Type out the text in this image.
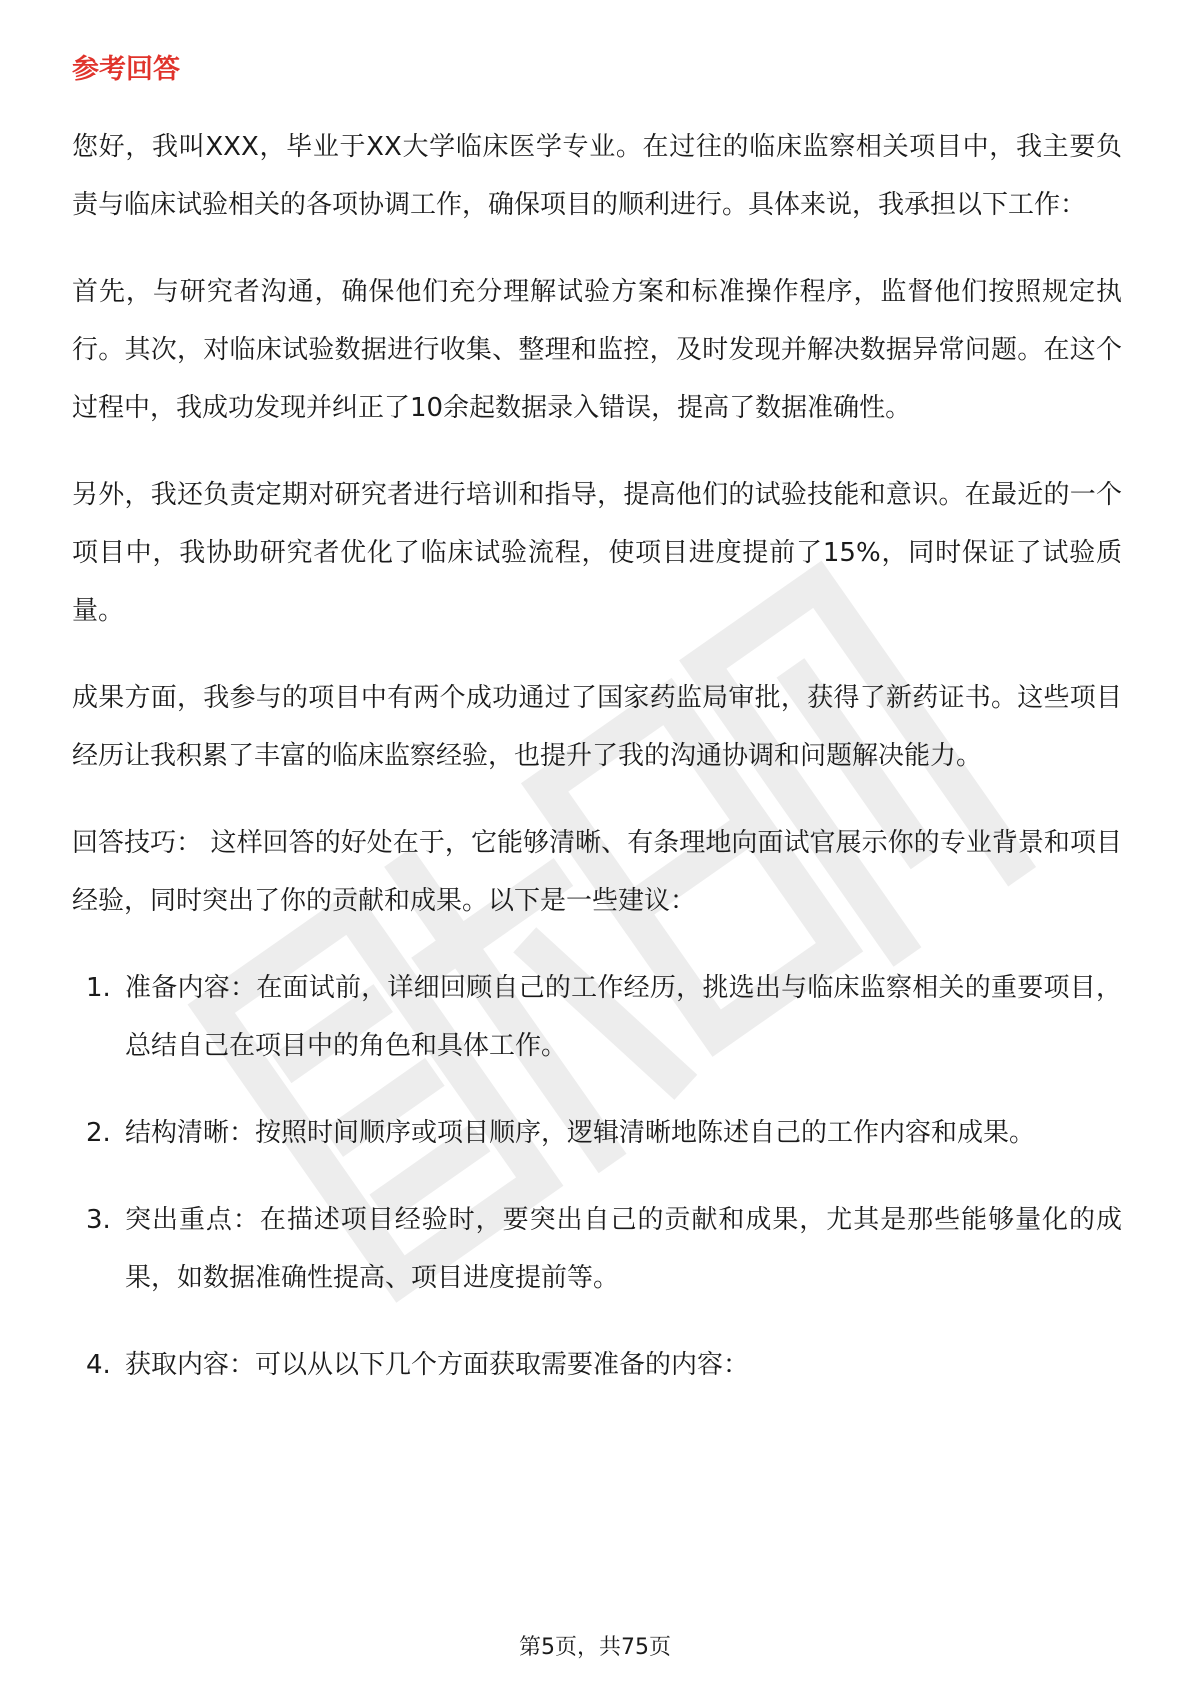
参考回答

您好，我叫XXX，毕业于XX大学临床医学专业。在过往的临床监察相关项目中，我主要负责与临床试验相关的各项协调工作，确保项目的顺利进行。具体来说，我承担以下工作：

首先，与研究者沟通，确保他们充分理解试验方案和标准操作程序，监督他们按照规定执行。其次，对临床试验数据进行收集、整理和监控，及时发现并解决数据异常问题。在这个过程中，我成功发现并纠正了10余起数据录入错误，提高了数据准确性。

另外，我还负责定期对研究者进行培训和指导，提高他们的试验技能和意识。在最近的一个项目中，我协助研究者优化了临床试验流程，使项目进度提前了15%，同时保证了试验质量。

成果方面，我参与的项目中有两个成功通过了国家药监局审批，获得了新药证书。这些项目经历让我积累了丰富的临床监察经验，也提升了我的沟通协调和问题解决能力。

回答技巧： 这样回答的好处在于，它能够清晰、有条理地向面试官展示你的专业背景和项目经验，同时突出了你的贡献和成果。以下是一些建议：

1. 准备内容：在面试前，详细回顾自己的工作经历，挑选出与临床监察相关的重要项目，总结自己在项目中的角色和具体工作。
2. 结构清晰：按照时间顺序或项目顺序，逻辑清晰地陈述自己的工作内容和成果。
3. 突出重点：在描述项目经验时，要突出自己的贡献和成果，尤其是那些能够量化的成果，如数据准确性提高、项目进度提前等。
4. 获取内容：可以从以下几个方面获取需要准备的内容：
第5页，共75页
